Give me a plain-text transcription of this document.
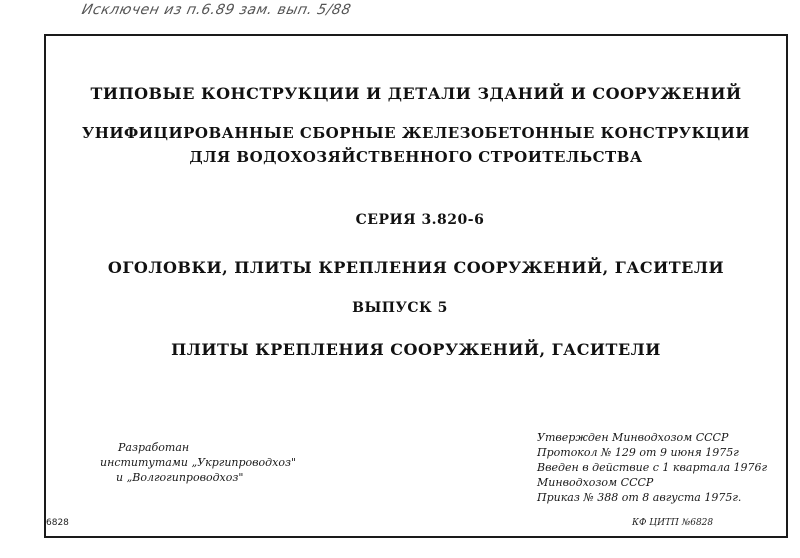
Исключен из п.6.89 зам. вып. 5/88
ТИПОВЫЕ КОНСТРУКЦИИ И ДЕТАЛИ ЗДАНИЙ И СООРУЖЕНИЙ
УНИФИЦИРОВАННЫЕ СБОРНЫЕ ЖЕЛЕЗОБЕТОННЫЕ КОНСТРУКЦИИ
ДЛЯ ВОДОХОЗЯЙСТВЕННОГО СТРОИТЕЛЬСТВА
СЕРИЯ 3.820-6
ОГОЛОВКИ, ПЛИТЫ КРЕПЛЕНИЯ СООРУЖЕНИЙ, ГАСИТЕЛИ
ВЫПУСК 5
ПЛИТЫ КРЕПЛЕНИЯ СООРУЖЕНИЙ, ГАСИТЕЛИ
Разработан
институтами „Укргипроводхоз"
и „Волгогипроводхоз"
Утвержден Минводхозом СССР
Протокол № 129 от 9 июня 1975г
Введен в действие с 1 квартала 1976г
Минводхозом СССР
Приказ № 388 от 8 августа 1975г.
6828	КФ ЦИТП №6828
